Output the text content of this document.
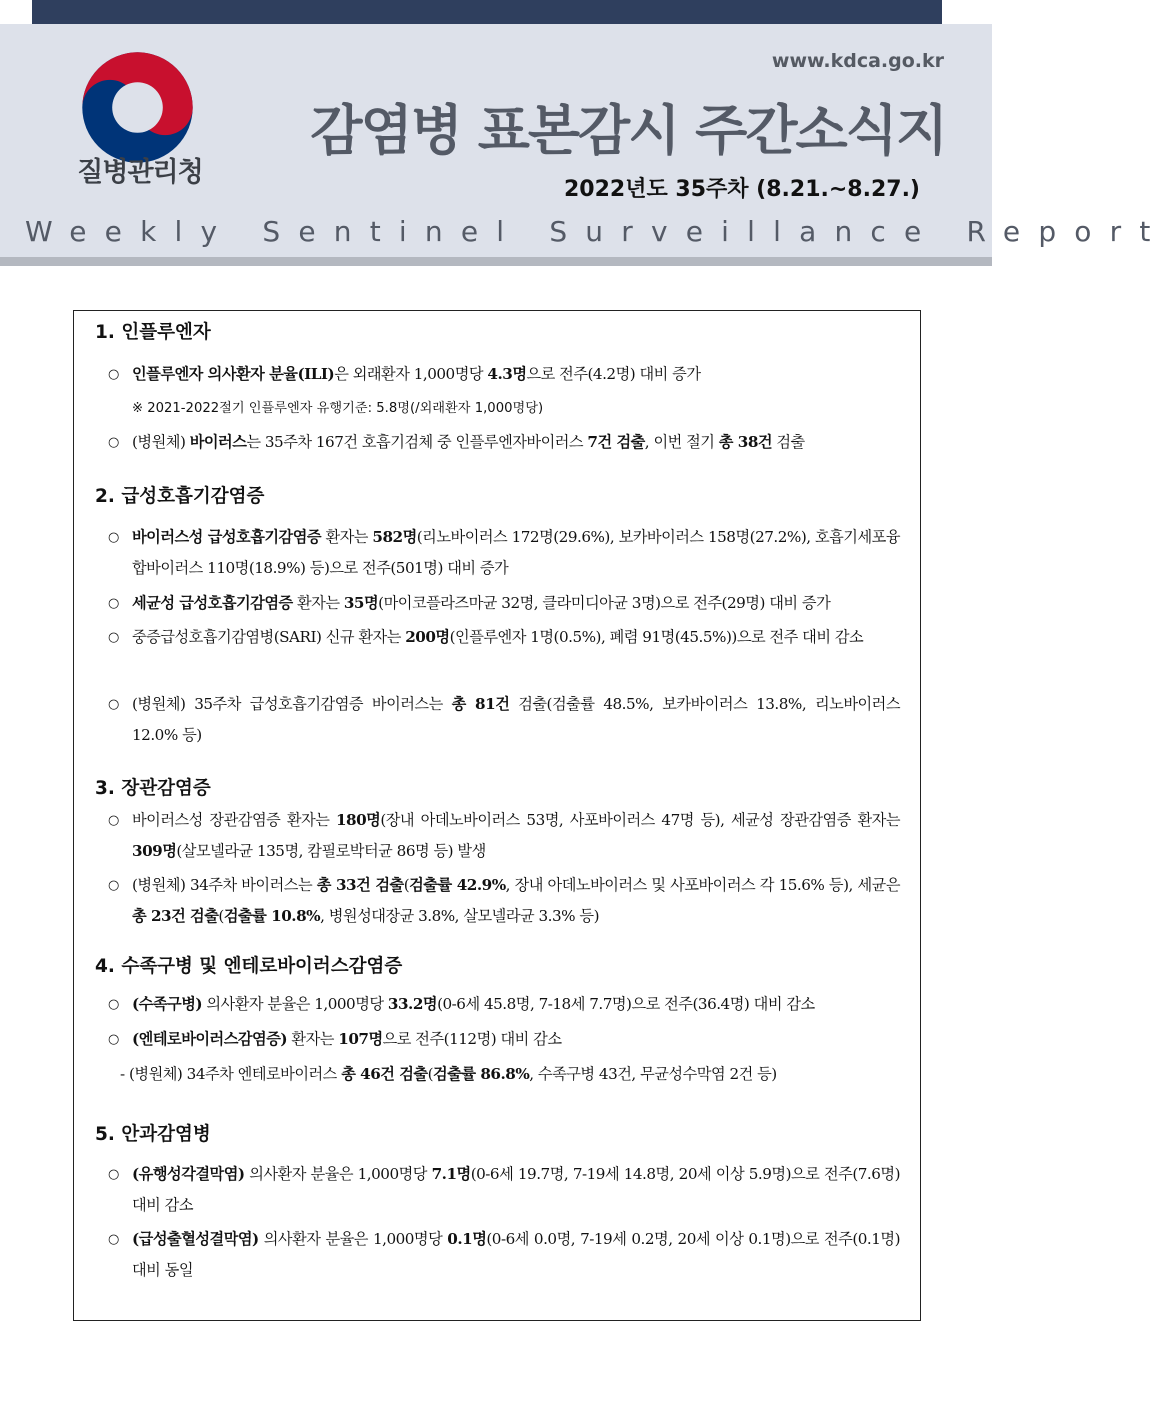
질병관리청
www.kdca.go.kr
감염병 표본감시 주간소식지
2022년도 35주차 (8.21.~8.27.)
Weekly Sentinel Surveillance Report
1. 인플루엔자
○ 인플루엔자 의사환자 분율(ILI)은 외래환자 1,000명당 4.3명으로 전주(4.2명) 대비 증가
※ 2021-2022절기 인플루엔자 유행기준: 5.8명(/외래환자 1,000명당)
○ (병원체) 바이러스는 35주차 167건 호흡기검체 중 인플루엔자바이러스 7건 검출, 이번 절기 총 38건 검출
2. 급성호흡기감염증
○ 바이러스성 급성호흡기감염증 환자는 582명(리노바이러스 172명(29.6%), 보카바이러스 158명(27.2%), 호흡기세포융합바이러스 110명(18.9%) 등)으로 전주(501명) 대비 증가
○ 세균성 급성호흡기감염증 환자는 35명(마이코플라즈마균 32명, 클라미디아균 3명)으로 전주(29명) 대비 증가
○ 중증급성호흡기감염병(SARI) 신규 환자는 200명(인플루엔자 1명(0.5%), 폐렴 91명(45.5%))으로 전주 대비 감소
○ (병원체) 35주차 급성호흡기감염증 바이러스는 총 81건 검출(검출률 48.5%, 보카바이러스 13.8%, 리노바이러스 12.0% 등)
3. 장관감염증
○ 바이러스성 장관감염증 환자는 180명(장내 아데노바이러스 53명, 사포바이러스 47명 등), 세균성 장관감염증 환자는 309명(살모넬라균 135명, 캄필로박터균 86명 등) 발생
○ (병원체) 34주차 바이러스는 총 33건 검출(검출률 42.9%, 장내 아데노바이러스 및 사포바이러스 각 15.6% 등), 세균은 총 23건 검출(검출률 10.8%, 병원성대장균 3.8%, 살모넬라균 3.3% 등)
4. 수족구병 및 엔테로바이러스감염증
○ (수족구병) 의사환자 분율은 1,000명당 33.2명(0-6세 45.8명, 7-18세 7.7명)으로 전주(36.4명) 대비 감소
○ (엔테로바이러스감염증) 환자는 107명으로 전주(112명) 대비 감소
- (병원체) 34주차 엔테로바이러스 총 46건 검출(검출률 86.8%, 수족구병 43건, 무균성수막염 2건 등)
5. 안과감염병
○ (유행성각결막염) 의사환자 분율은 1,000명당 7.1명(0-6세 19.7명, 7-19세 14.8명, 20세 이상 5.9명)으로 전주(7.6명) 대비 감소
○ (급성출혈성결막염) 의사환자 분율은 1,000명당 0.1명(0-6세 0.0명, 7-19세 0.2명, 20세 이상 0.1명)으로 전주(0.1명) 대비 동일
